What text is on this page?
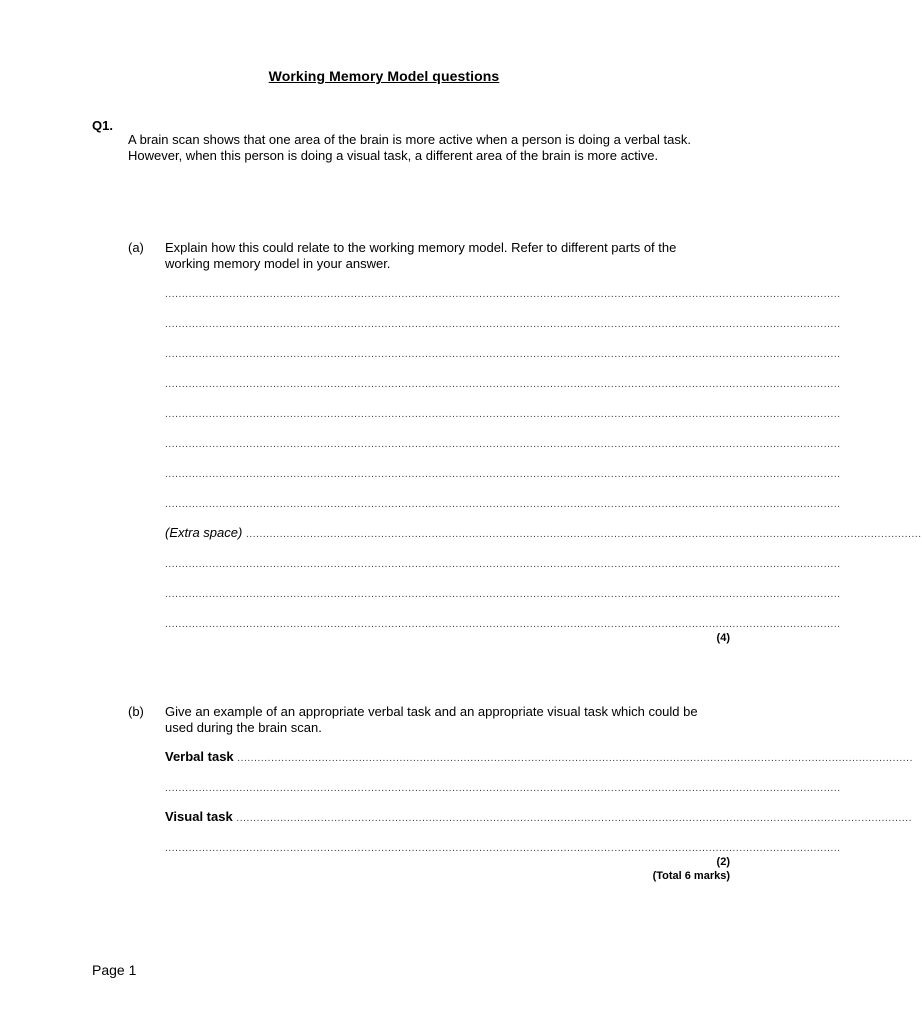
Working Memory Model questions
Q1.
A brain scan shows that one area of the brain is more active when a person is doing a verbal task. However, when this person is doing a visual task, a different area of the brain is more active.
(a) Explain how this could relate to the working memory model. Refer to different parts of the working memory model in your answer.
........................................................................................................................................................................................................
........................................................................................................................................................................................................
........................................................................................................................................................................................................
........................................................................................................................................................................................................
........................................................................................................................................................................................................
........................................................................................................................................................................................................
........................................................................................................................................................................................................
........................................................................................................................................................................................................
(Extra space) ........................................................................................................................................................................................................
........................................................................................................................................................................................................
........................................................................................................................................................................................................
........................................................................................................................................................................................................
(4)
(b) Give an example of an appropriate verbal task and an appropriate visual task which could be used during the brain scan.
Verbal task ........................................................................................................................................................................................................
........................................................................................................................................................................................................
Visual task ........................................................................................................................................................................................................
........................................................................................................................................................................................................
(2)
(Total 6 marks)
Page 1
